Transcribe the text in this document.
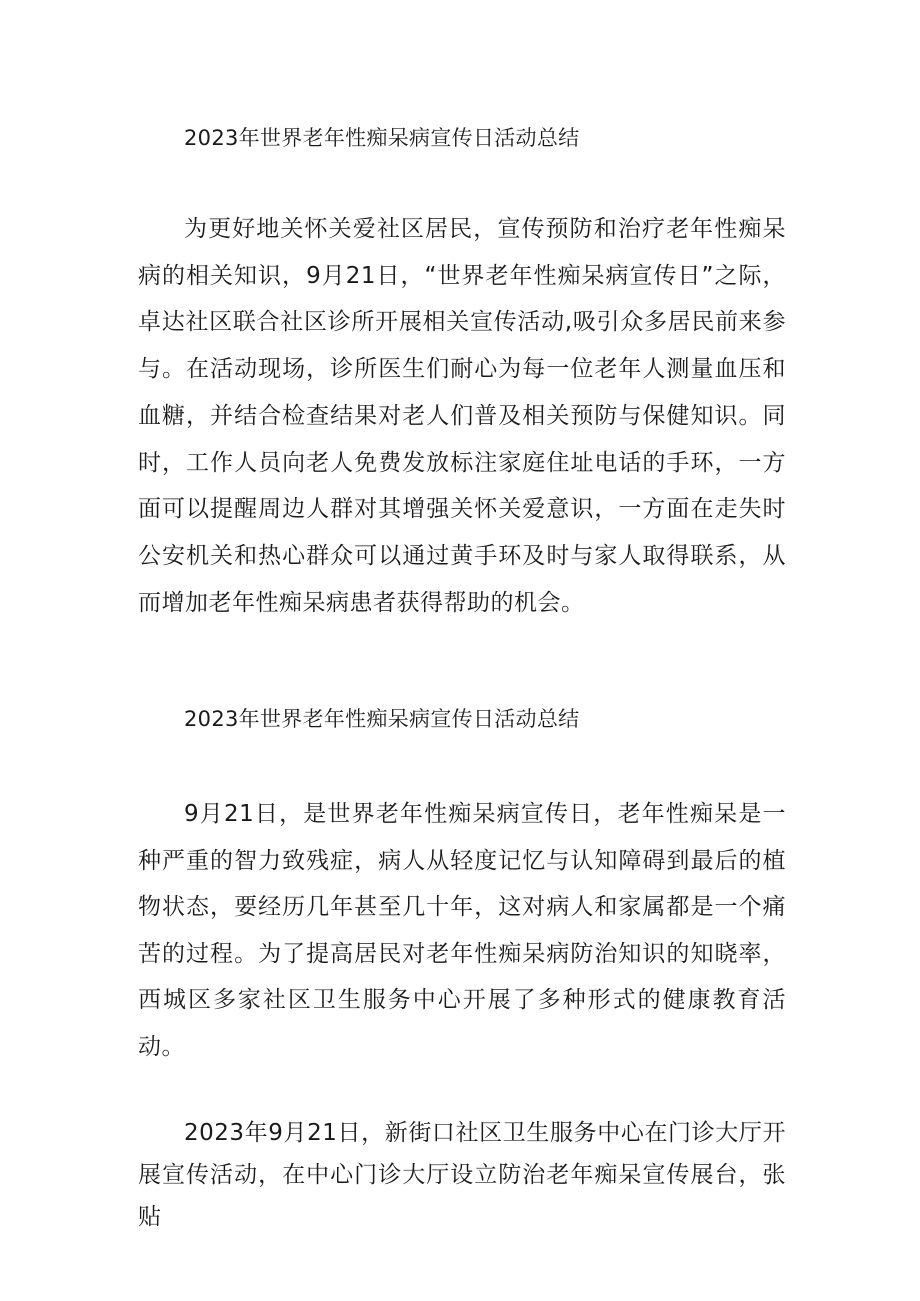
2023年世界老年性痴呆病宣传日活动总结

为更好地关怀关爱社区居民，宣传预防和治疗老年性痴呆病的相关知识，9月21日，“世界老年性痴呆病宣传日”之际，卓达社区联合社区诊所开展相关宣传活动,吸引众多居民前来参与。在活动现场，诊所医生们耐心为每一位老年人测量血压和血糖，并结合检查结果对老人们普及相关预防与保健知识。同时，工作人员向老人免费发放标注家庭住址电话的手环，一方面可以提醒周边人群对其增强关怀关爱意识，一方面在走失时公安机关和热心群众可以通过黄手环及时与家人取得联系，从而增加老年性痴呆病患者获得帮助的机会。

2023年世界老年性痴呆病宣传日活动总结

9月21日，是世界老年性痴呆病宣传日，老年性痴呆是一种严重的智力致残症，病人从轻度记忆与认知障碍到最后的植物状态，要经历几年甚至几十年，这对病人和家属都是一个痛苦的过程。为了提高居民对老年性痴呆病防治知识的知晓率，西城区多家社区卫生服务中心开展了多种形式的健康教育活动。

2023年9月21日，新街口社区卫生服务中心在门诊大厅开展宣传活动，在中心门诊大厅设立防治老年痴呆宣传展台，张贴
